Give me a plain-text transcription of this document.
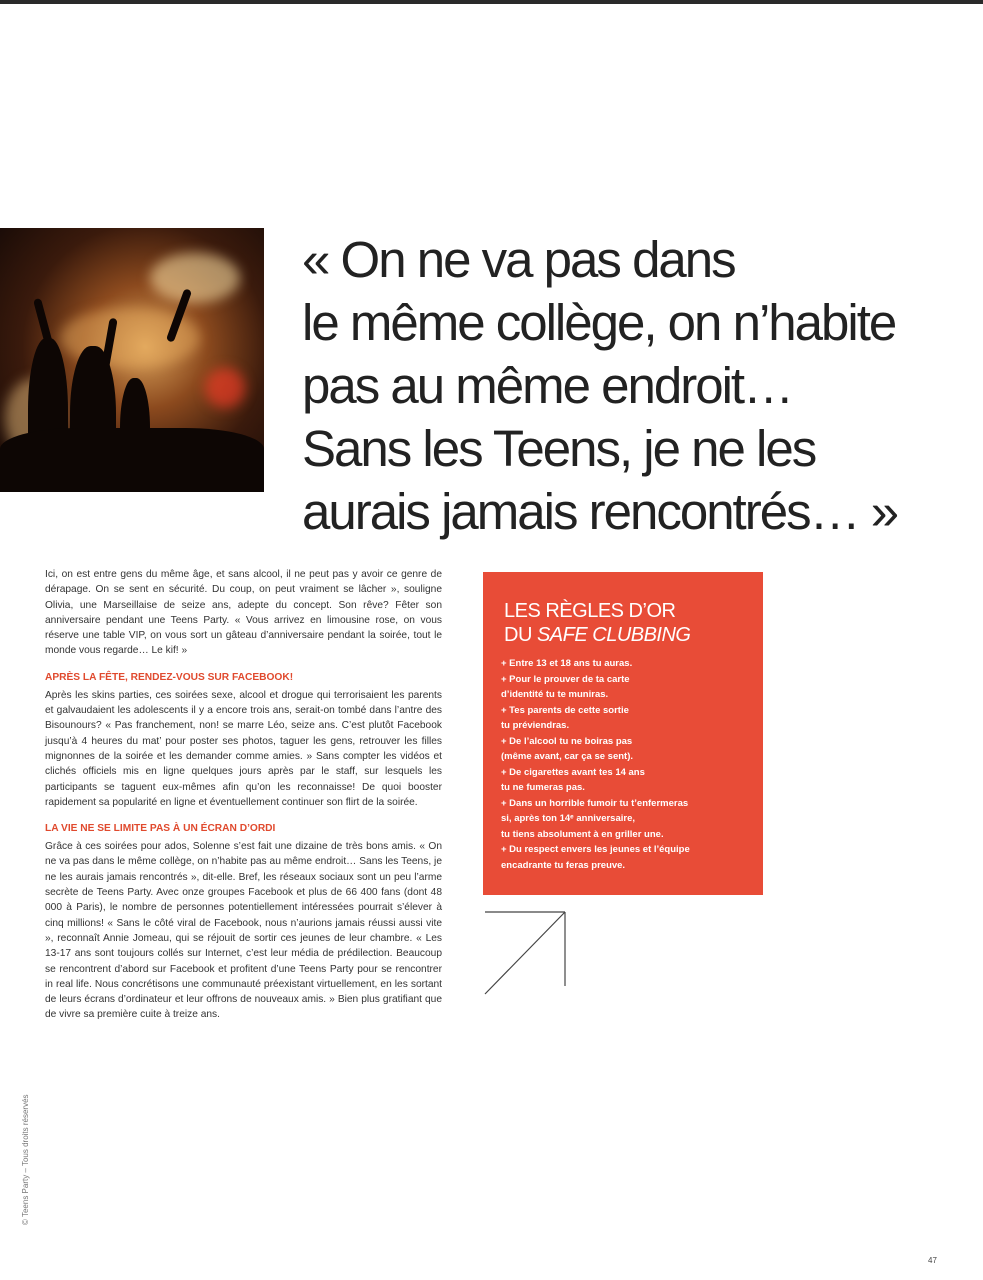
« On ne va pas dans
le même collège, on n’habite
pas au même endroit…
Sans les Teens, je ne les
aurais jamais rencontrés… »

Ici, on est entre gens du même âge, et sans alcool, il ne peut pas y avoir ce genre de dérapage. On se sent en sécurité. Du coup, on peut vraiment se lâcher », souligne Olivia, une Marseillaise de seize ans, adepte du concept. Son rêve? Fêter son anniversaire pendant une Teens Party. « Vous arrivez en limousine rose, on vous réserve une table VIP, on vous sort un gâteau d’anniversaire pendant la soirée, tout le monde vous regarde… Le kif! »

APRÈS LA FÊTE, RENDEZ-VOUS SUR FACEBOOK!

Après les skins parties, ces soirées sexe, alcool et drogue qui terrorisaient les parents et galvaudaient les adolescents il y a encore trois ans, serait-on tombé dans l’antre des Bisounours? « Pas franchement, non! se marre Léo, seize ans. C’est plutôt Facebook jusqu’à 4 heures du mat’ pour poster ses photos, taguer les gens, retrouver les filles mignonnes de la soirée et les demander comme amies. » Sans compter les vidéos et clichés officiels mis en ligne quelques jours après par le staff, sur lesquels les participants se taguent eux-mêmes afin qu’on les reconnaisse! De quoi booster rapidement sa popularité en ligne et éventuellement continuer son flirt de la soirée.

LA VIE NE SE LIMITE PAS À UN ÉCRAN D’ORDI

Grâce à ces soirées pour ados, Solenne s’est fait une dizaine de très bons amis. « On ne va pas dans le même collège, on n’habite pas au même endroit… Sans les Teens, je ne les aurais jamais rencontrés », dit-elle. Bref, les réseaux sociaux sont un peu l’arme secrète de Teens Party. Avec onze groupes Facebook et plus de 66 400 fans (dont 48 000 à Paris), le nombre de personnes potentiellement intéressées pourrait s’élever à cinq millions! « Sans le côté viral de Facebook, nous n’aurions jamais réussi aussi vite », reconnaît Annie Jomeau, qui se réjouit de sortir ces jeunes de leur chambre. « Les 13-17 ans sont toujours collés sur Internet, c’est leur média de prédilection. Beaucoup se rencontrent d’abord sur Facebook et profitent d’une Teens Party pour se rencontrer in real life. Nous concrétisons une communauté préexistant virtuellement, en les sortant de leurs écrans d’ordinateur et leur offrons de nouveaux amis. » Bien plus gratifiant que de vivre sa première cuite à treize ans.

LES RÈGLES D’OR
DU SAFE CLUBBING
+ Entre 13 et 18 ans tu auras.
+ Pour le prouver de ta carte
d’identité tu te muniras.
+ Tes parents de cette sortie
tu préviendras.
+ De l’alcool tu ne boiras pas
(même avant, car ça se sent).
+ De cigarettes avant tes 14 ans
tu ne fumeras pas.
+ Dans un horrible fumoir tu t’enfermeras
si, après ton 14ᵉ anniversaire,
tu tiens absolument à en griller une.
+ Du respect envers les jeunes et l’équipe
encadrante tu feras preuve.
© Teens Party – Tous droits réservés
47
